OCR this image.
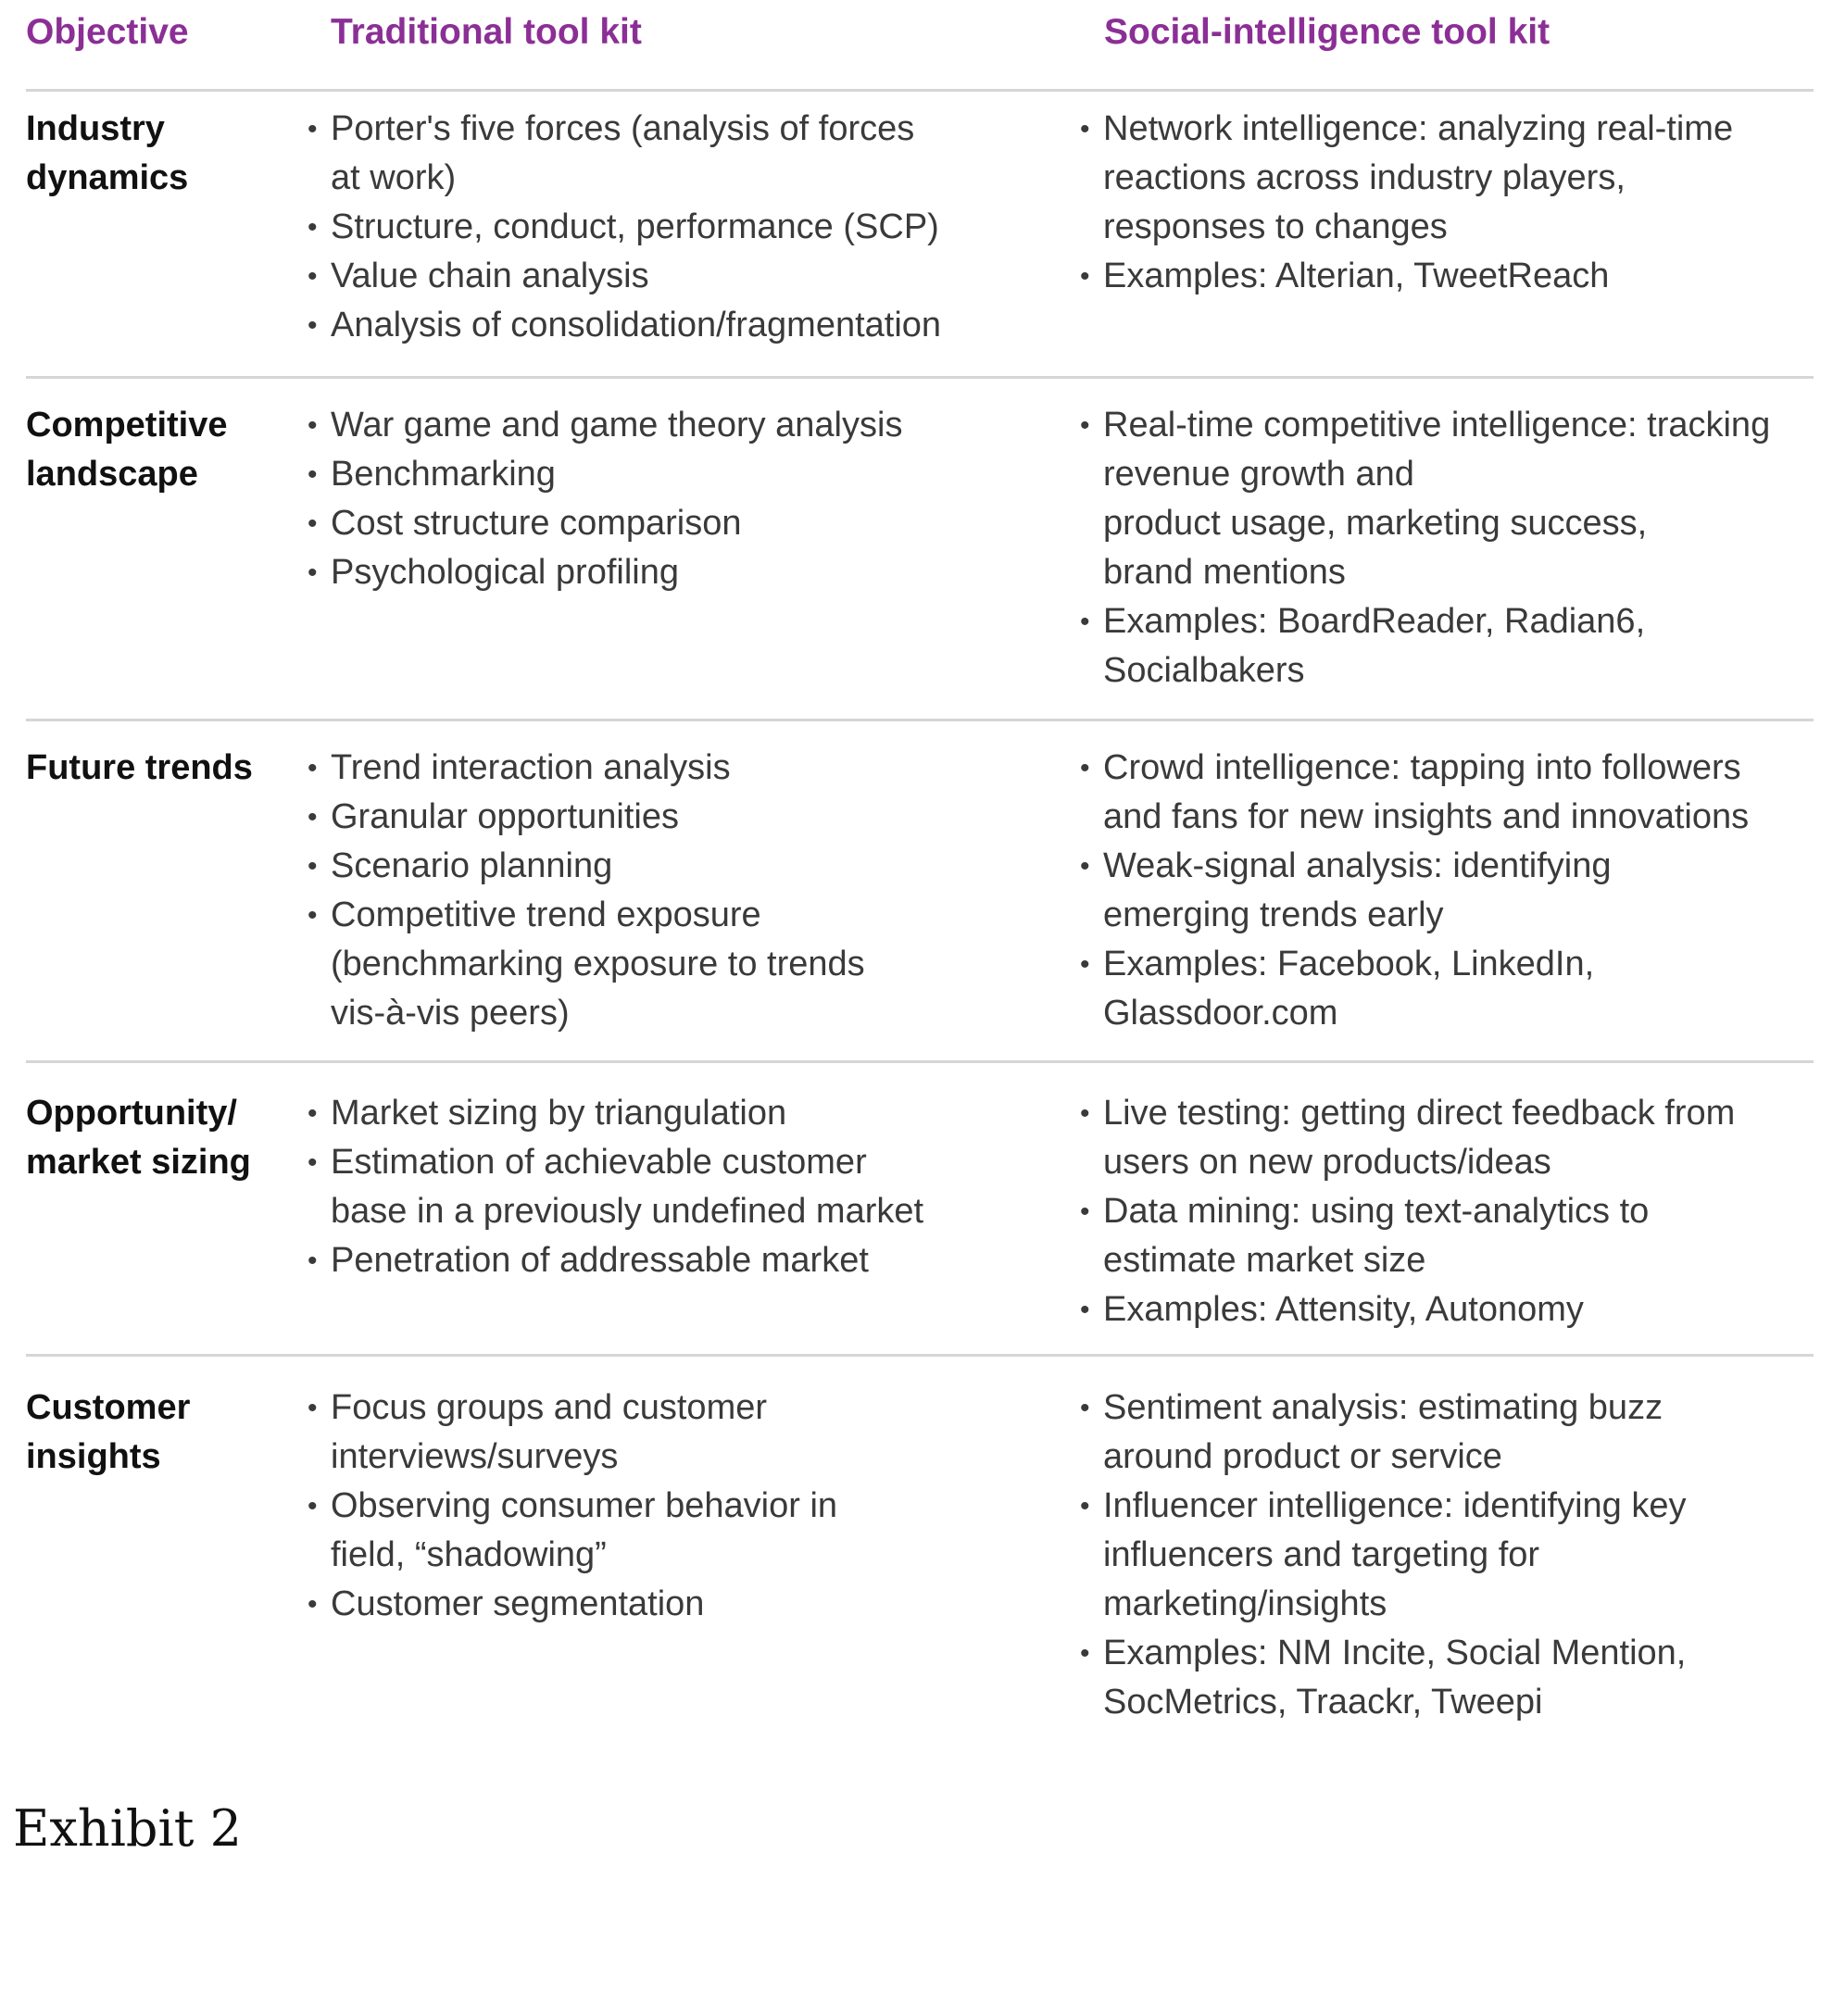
Objective	Traditional tool kit	Social-intelligence tool kit
Industry
dynamics
• Porter's five forces (analysis of forces
at work)
• Structure, conduct, performance (SCP)
• Value chain analysis
• Analysis of consolidation/fragmentation
• Network intelligence: analyzing real-time
reactions across industry players,
responses to changes
• Examples: Alterian, TweetReach
Competitive
landscape
• War game and game theory analysis
• Benchmarking
• Cost structure comparison
• Psychological profiling
• Real-time competitive intelligence: tracking
revenue growth and
product usage, marketing success,
brand mentions
• Examples: BoardReader, Radian6,
Socialbakers
Future trends • Trend interaction analysis
• Granular opportunities
• Scenario planning
• Competitive trend exposure
(benchmarking exposure to trends
vis-à-vis peers)
• Crowd intelligence: tapping into followers
and fans for new insights and innovations
• Weak-signal analysis: identifying
emerging trends early
• Examples: Facebook, LinkedIn,
Glassdoor.com
Opportunity/
market sizing
• Market sizing by triangulation
• Estimation of achievable customer
base in a previously undefined market
• Penetration of addressable market
• Live testing: getting direct feedback from
users on new products/ideas
• Data mining: using text-analytics to
estimate market size
• Examples: Attensity, Autonomy
Customer
insights
• Focus groups and customer
interviews/surveys
• Observing consumer behavior in
field, “shadowing”
• Customer segmentation
• Sentiment analysis: estimating buzz
around product or service
• Influencer intelligence: identifying key
influencers and targeting for
marketing/insights
• Examples: NM Incite, Social Mention,
SocMetrics, Traackr, Tweepi
Exhibit 2
